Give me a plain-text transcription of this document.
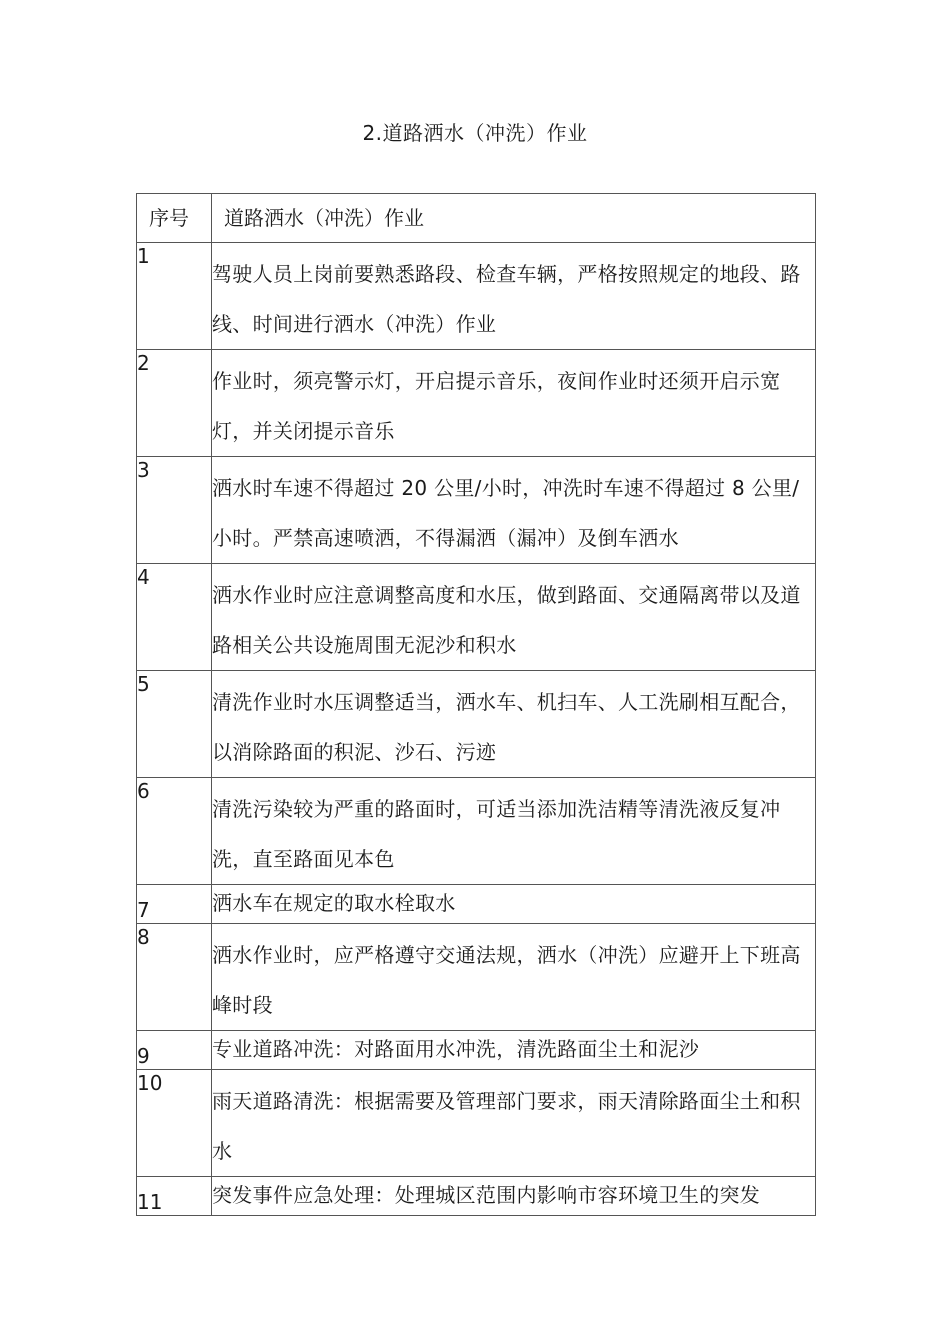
2.道路洒水（冲洗）作业
序号	道路洒水（冲洗）作业
1	驾驶人员上岗前要熟悉路段、检查车辆，严格按照规定的地段、路线、时间进行洒水（冲洗）作业

2	作业时，须亮警示灯，开启提示音乐，夜间作业时还须开启示宽灯，并关闭提示音乐

3	洒水时车速不得超过 20 公里/小时，冲洗时车速不得超过 8 公里/小时。严禁高速喷洒，不得漏洒（漏冲）及倒车洒水

4	洒水作业时应注意调整高度和水压，做到路面、交通隔离带以及道路相关公共设施周围无泥沙和积水

5	清洗作业时水压调整适当，洒水车、机扫车、人工洗刷相互配合，以消除路面的积泥、沙石、污迹

6	清洗污染较为严重的路面时，可适当添加洗洁精等清洗液反复冲洗，直至路面见本色

7	洒水车在规定的取水栓取水

8	洒水作业时，应严格遵守交通法规，洒水（冲洗）应避开上下班高峰时段

9	专业道路冲洗：对路面用水冲洗，清洗路面尘土和泥沙

10	雨天道路清洗：根据需要及管理部门要求，雨天清除路面尘土和积水

11	突发事件应急处理：处理城区范围内影响市容环境卫生的突发
